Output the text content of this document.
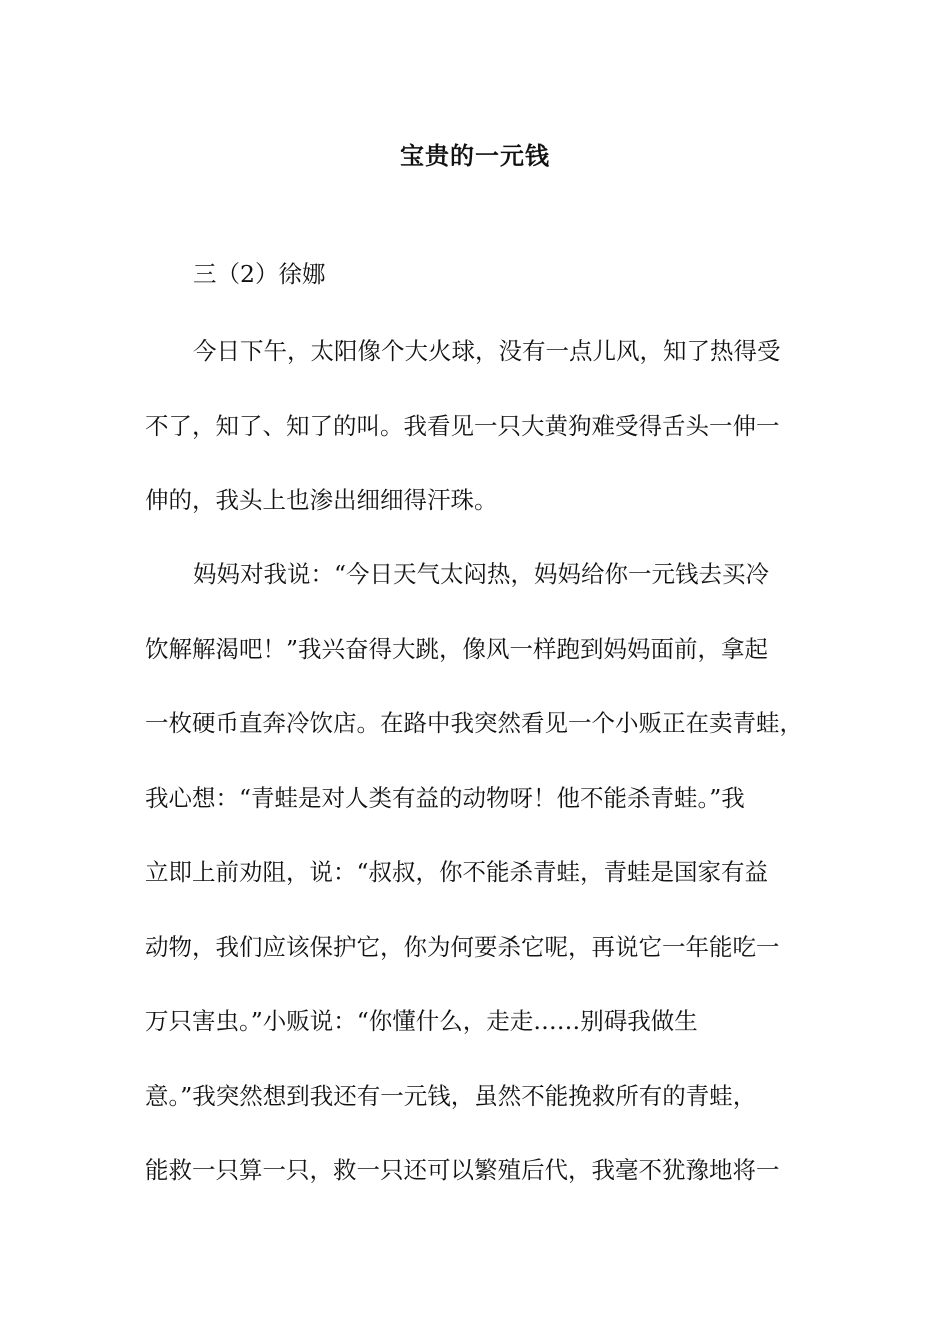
宝贵的一元钱

三（2）徐娜

今日下午，太阳像个大火球，没有一点儿风，知了热得受

不了，知了、知了的叫。我看见一只大黄狗难受得舌头一伸一

伸的，我头上也渗出细细得汗珠。

妈妈对我说：“今日天气太闷热，妈妈给你一元钱去买冷

饮解解渴吧！”我兴奋得大跳，像风一样跑到妈妈面前，拿起

一枚硬币直奔冷饮店。在路中我突然看见一个小贩正在卖青蛙，

我心想：“青蛙是对人类有益的动物呀！他不能杀青蛙。”我

立即上前劝阻，说：“叔叔，你不能杀青蛙，青蛙是国家有益

动物，我们应该保护它，你为何要杀它呢，再说它一年能吃一

万只害虫。”小贩说：“你懂什么，走走……别碍我做生

意。”我突然想到我还有一元钱，虽然不能挽救所有的青蛙，

能救一只算一只，救一只还可以繁殖后代，我毫不犹豫地将一
